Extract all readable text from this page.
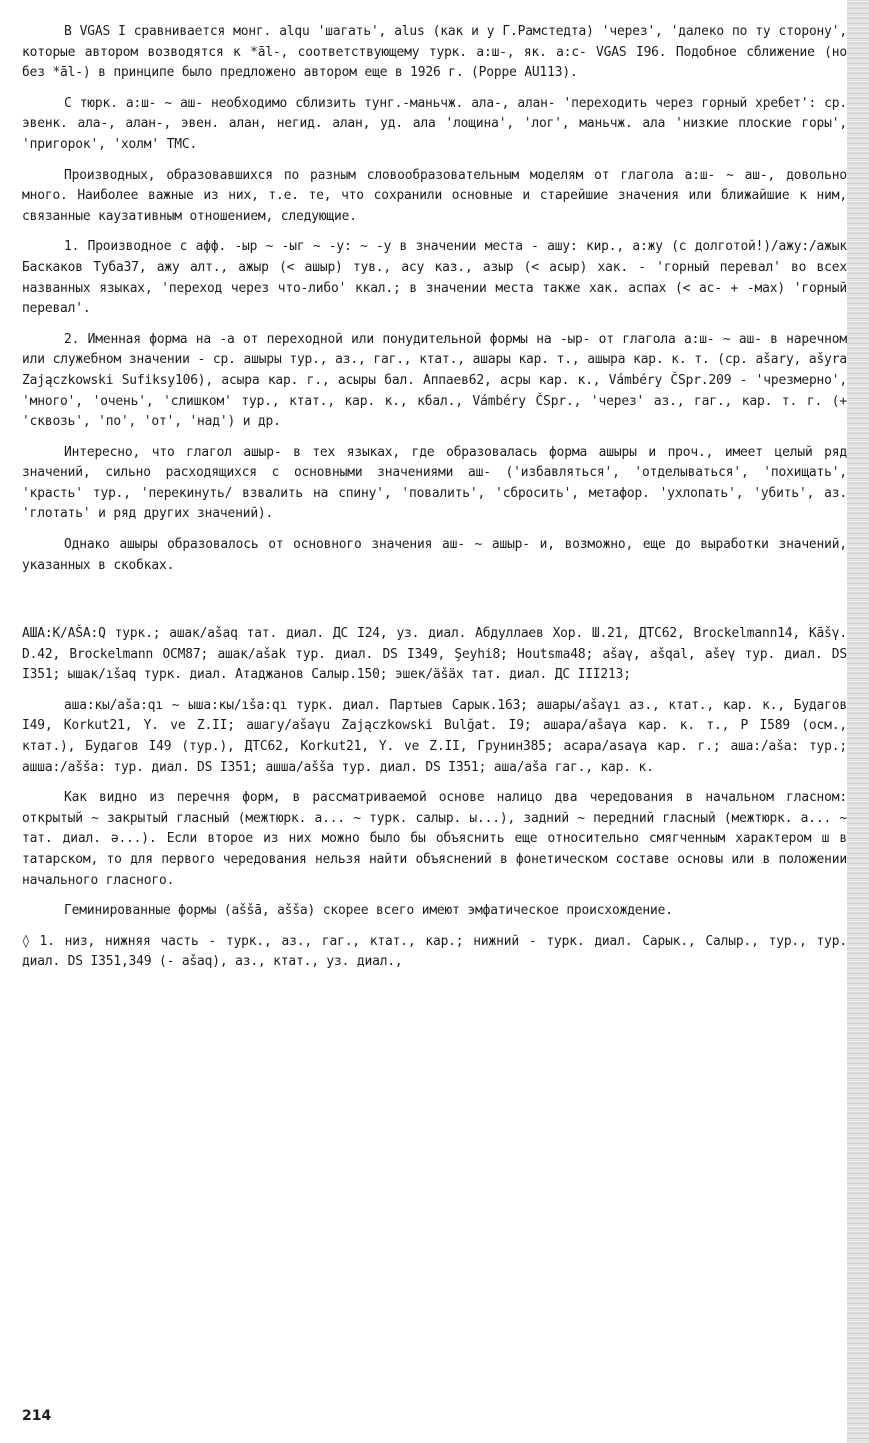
В VGAS I сравнивается монг. alqu 'шагать', alus (как и у Г.Рамстедта) 'через', 'далеко по ту сторону', которые автором возводятся к *āl-, соответствующему турк. а:ш-, як. а:с- VGAS I96. Подобное сближение (но без *āl-) в принципе было предложено автором еще в 1926 г. (Poppe AU113).

С тюрк. а:ш- ~ аш- необходимо сблизить тунг.-маньчж. ала-, алан- 'переходить через горный хребет': ср. эвенк. ала-, алан-, эвен. алан, негид. алан, уд. ала 'лощина', 'лог', маньчж. ала 'низкие плоские горы', 'пригорок', 'холм' ТМС.

Производных, образовавшихся по разным словообразовательным моделям от глагола а:ш- ~ аш-, довольно много. Наиболее важные из них, т.е. те, что сохранили основные и старейшие значения или ближайшие к ним, связанные каузативным отношением, следующие.

1. Производное с афф. -ыр ~ -ыг ~ -у: ~ -у в значении места - ашу: кир., а:жу (с долготой!)/ажу:/ажык Баскаков Туба37, ажу алт., ажыр (< ашыр) тув., асу каз., азыр (< асыр) хак. - 'горный перевал' во всех названных языках, 'переход через что-либо' ккал.; в значении места также хак. аспах (< ас- + -мах) 'горный перевал'.

2. Именная форма на -а от переходной или понудительной формы на -ыр- от глагола а:ш- ~ аш- в наречном или служебном значении - ср. ашыры тур., аз., гаг., ктат., ашары кар. т., ашыра кар. к. т. (ср. ašary, ašyra Zajączkowski Sufiksy106), асыра кар. г., асыры бал. Аппаев62, асры кар. к., Vámbéry ČSpr.209 - 'чрезмерно', 'много', 'очень', 'слишком' тур., ктат., кар. к., кбал., Vámbéry ČSpr., 'через' аз., гаг., кар. т. г. (+ 'сквозь', 'по', 'от', 'над') и др.

Интересно, что глагол ашыр- в тех языках, где образовалась форма ашыры и проч., имеет целый ряд значений, сильно расходящихся с основными значениями аш- ('избавляться', 'отделываться', 'похищать', 'красть' тур., 'перекинуть/ взвалить на спину', 'повалить', 'сбросить', метафор. 'ухлопать', 'убить', аз. 'глотать' и ряд других значений).

Однако ашыры образовалось от основного значения аш- ~ ашыр- и, возможно, еще до выработки значений, указанных в скобках.

АША:К/AŠA:Q турк.; ашак/ašaq тат. диал. ДС I24, уз. диал. Абдуллаев Хор. Ш.21, ДТС62, Brockelmann14, Kāšγ. D.42, Brockelmann OCM87; ашак/ašak тур. диал. DS I349, Şeyhi8; Houtsma48; ašaγ, ašqal, ašeγ тур. диал. DS I351; ышак/ıšaq турк. диал. Атаджанов Салыр.150; эшек/äšäx тат. диал. ДС III213;

аша:кы/aša:qı ~ ыша:кы/ıša:qı турк. диал. Партыев Сарык.163; ашары/ašaγı аз., ктат., кар. к., Будагов I49, Korkut21, Y. ve Z.II; ашагу/ašaγu Zajączkowski Bulğat. I9; ашара/ašaγa кар. к. т., Р I589 (осм., ктат.), Будагов I49 (тур.), ДТС62, Korkut21, Y. ve Z.II, Грунин385; асара/asaγa кар. г.; аша:/aša: тур.; ашша:/ašša: тур. диал. DS I351; ашша/ašša тур. диал. DS I351; аша/aša гаг., кар. к.

Как видно из перечня форм, в рассматриваемой основе налицо два чередования в начальном гласном: открытый ~ закрытый гласный (межтюрк. а... ~ турк. салыр. ы...), задний ~ передний гласный (межтюрк. а... ~ тат. диал. ә...). Если второе из них можно было бы объяснить еще относительно смягченным характером ш в татарском, то для первого чередования нельзя найти объяснений в фонетическом составе основы или в положении начального гласного.

Геминированные формы (aššā, ašša) скорее всего имеют эмфатическое происхождение.

◊ 1. низ, нижняя часть - турк., аз., гаг., ктат., кар.; нижний - турк. диал. Сарык., Салыр., тур., тур. диал. DS I351,349 (- ašaq), аз., ктат., уз. диал.,

214
